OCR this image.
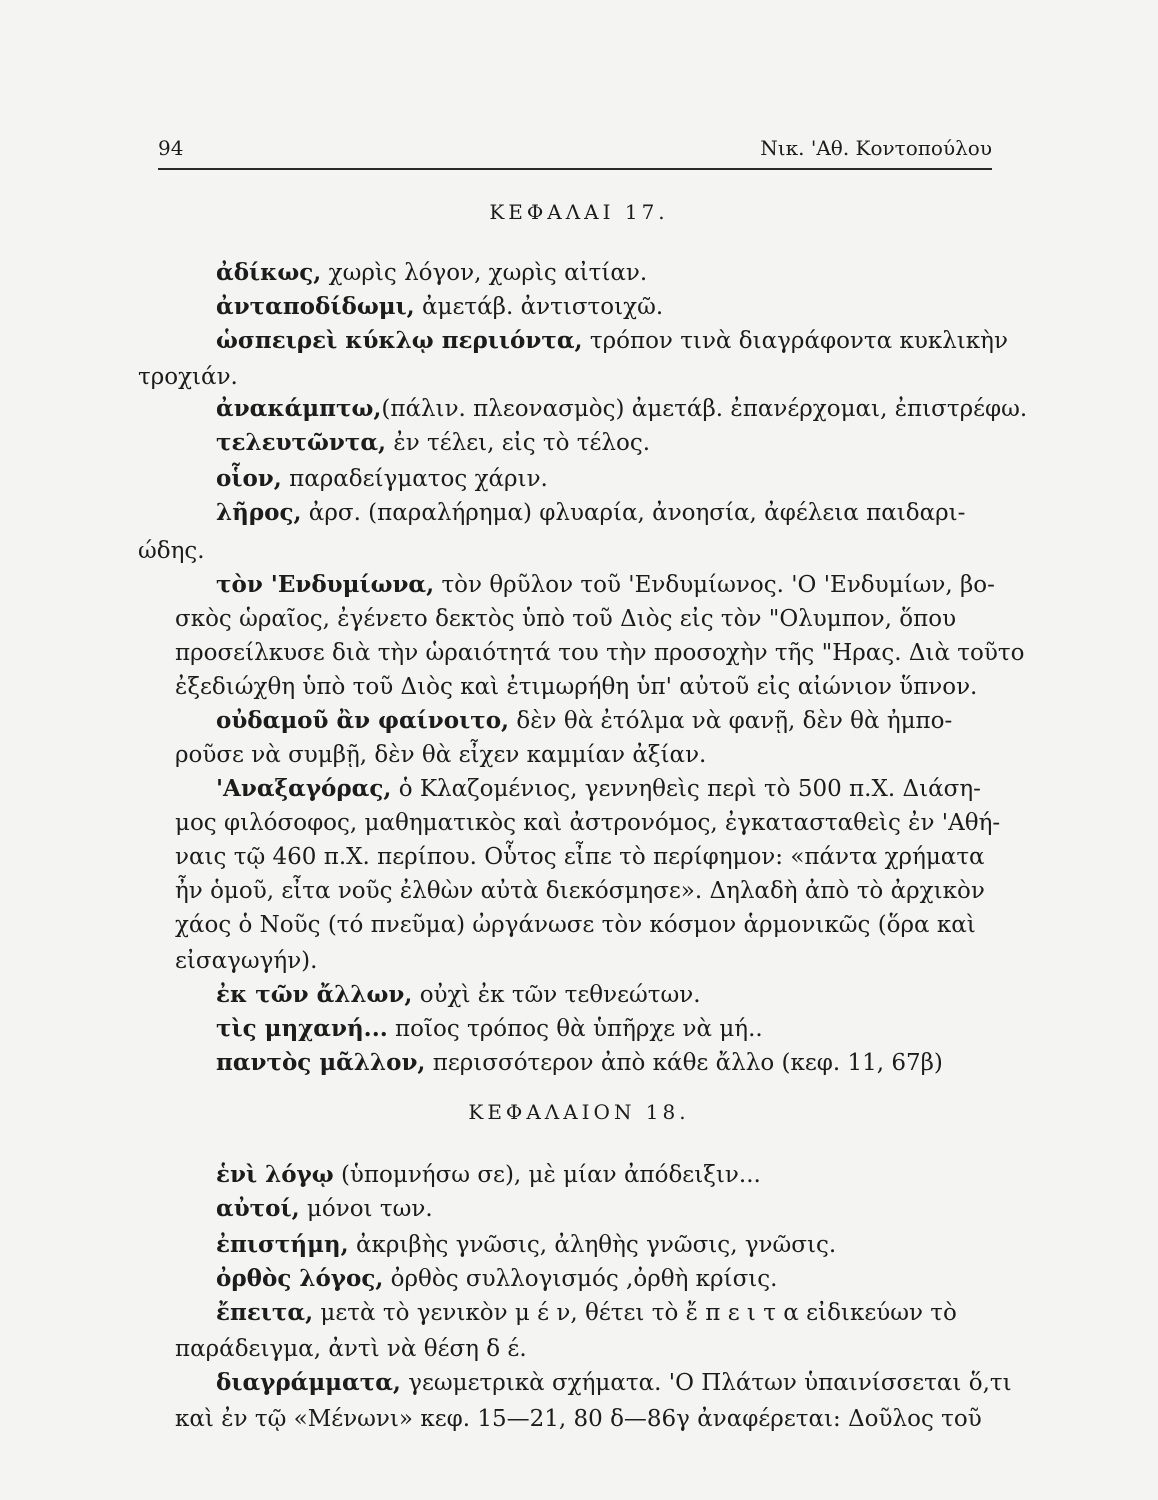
94	Νικ. 'Αθ. Κοντοπούλου
ΚΕΦΑΛΑΙ 17.
ἀδίκως, χωρὶς λόγον, χωρὶς αἰτίαν.
ἀνταποδίδωμι, ἀμετάβ. ἀντιστοιχῶ.
ὡσπειρεὶ κύκλῳ περιιόντα, τρόπον τινὰ διαγράφοντα κυκλικὴν
τροχιάν.
ἀνακάμπτω,(πάλιν. πλεονασμὸς) ἀμετάβ. ἐπανέρχομαι, ἐπιστρέφω.
τελευτῶντα, ἐν τέλει, εἰς τὸ τέλος.
οἷον, παραδείγματος χάριν.
λῆρος, ἀρσ. (παραλήρημα) φλυαρία, ἀνοησία, ἀφέλεια παιδαρι-
ώδης.
τὸν 'Ενδυμίωνα, τὸν θρῦλον τοῦ 'Ενδυμίωνος. 'Ο 'Ενδυμίων, βο-
σκὸς ὡραῖος, ἐγένετο δεκτὸς ὑπὸ τοῦ Διὸς εἰς τὸν "Ολυμπον, ὅπου
προσείλκυσε διὰ τὴν ὡραιότητά του τὴν προσοχὴν τῆς "Ηρας. Διὰ τοῦτο
ἐξεδιώχθη ὑπὸ τοῦ Διὸς καὶ ἐτιμωρήθη ὑπ' αὐτοῦ εἰς αἰώνιον ὕπνον.
οὐδαμοῦ ἂν φαίνοιτο, δὲν θὰ ἐτόλμα νὰ φανῇ, δὲν θὰ ἠμπο-
ροῦσε νὰ συμβῇ, δὲν θὰ εἶχεν καμμίαν ἀξίαν.
'Αναξαγόρας, ὁ Κλαζομένιος, γεννηθεὶς περὶ τὸ 500 π.Χ. Διάση-
μος φιλόσοφος, μαθηματικὸς καὶ ἀστρονόμος, ἐγκατασταθεὶς ἐν 'Αθή-
ναις τῷ 460 π.Χ. περίπου. Οὗτος εἶπε τὸ περίφημον: «πάντα χρήματα
ἦν ὁμοῦ, εἶτα νοῦς ἐλθὼν αὐτὰ διεκόσμησε». Δηλαδὴ ἀπὸ τὸ ἀρχικὸν
χάος ὁ Νοῦς (τό πνεῦμα) ὠργάνωσε τὸν κόσμον ἁρμονικῶς (ὅρα καὶ
εἰσαγωγήν).
ἐκ τῶν ἄλλων, οὐχὶ ἐκ τῶν τεθνεώτων.
τὶς μηχανή... ποῖος τρόπος θὰ ὑπῆρχε νὰ μή..
παντὸς μᾶλλον, περισσότερον ἀπὸ κάθε ἄλλο (κεφ. 11, 67β)
ἑνὶ λόγῳ (ὑπομνήσω σε), μὲ μίαν ἀπόδειξιν...
αὐτοί, μόνοι των.
ἐπιστήμη, ἀκριβὴς γνῶσις, ἀληθὴς γνῶσις, γνῶσις.
ὀρθὸς λόγος, ὀρθὸς συλλογισμός ,ὀρθὴ κρίσις.
ἔπειτα, μετὰ τὸ γενικὸν μ έ ν, θέτει τὸ ἔ π ε ι τ α εἰδικεύων τὸ
παράδειγμα, ἀντὶ νὰ θέση δ έ.
διαγράμματα, γεωμετρικὰ σχήματα. 'Ο Πλάτων ὑπαινίσσεται ὅ,τι
καὶ ἐν τῷ «Μένωνι» κεφ. 15—21, 80 δ—86γ ἀναφέρεται: Δοῦλος τοῦ
ΚΕΦΑΛΑΙΟΝ 18.
